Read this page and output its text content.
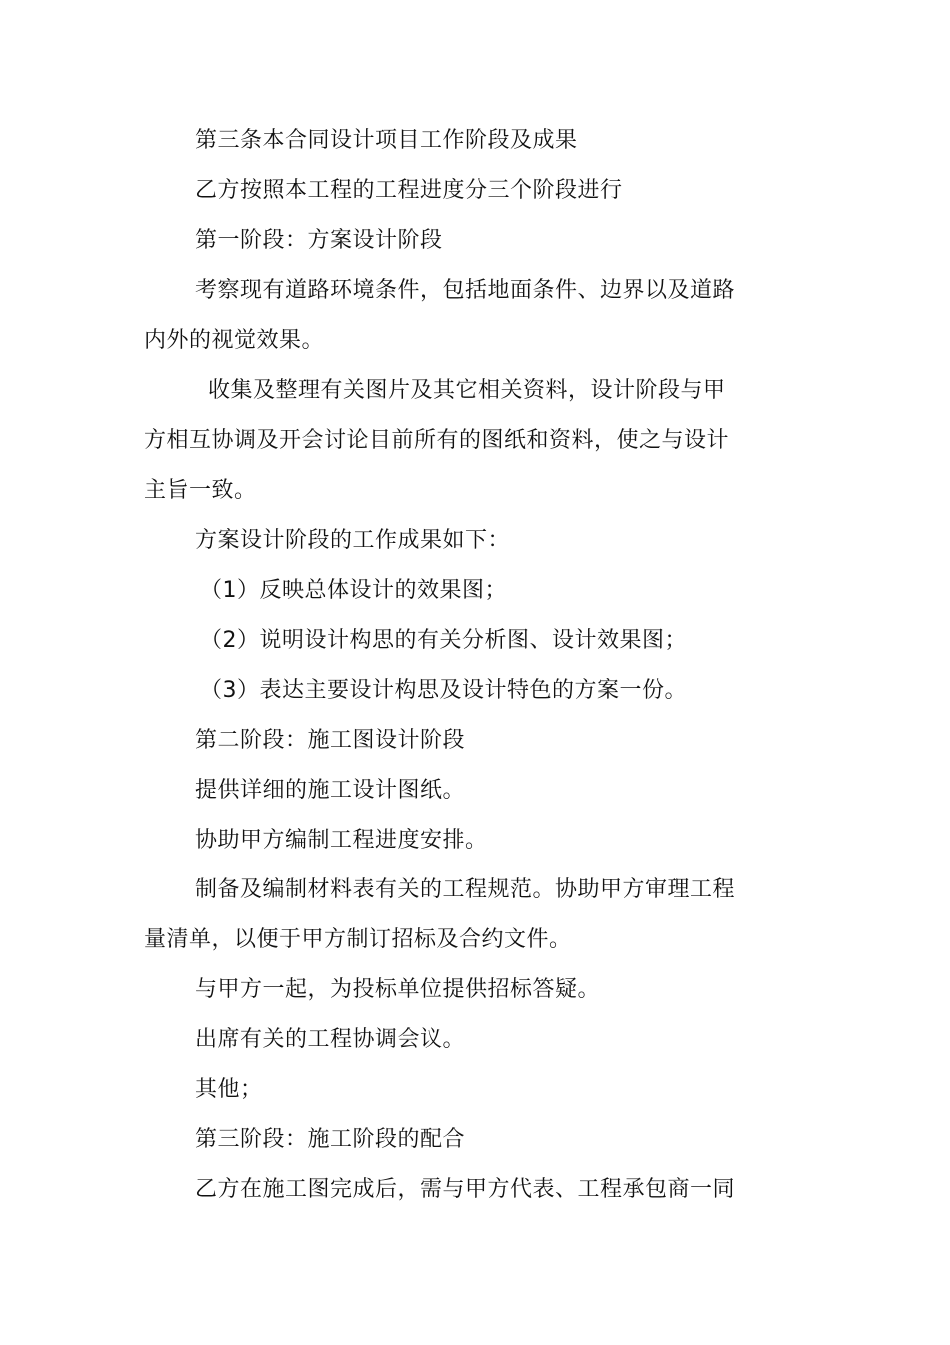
第三条本合同设计项目工作阶段及成果
乙方按照本工程的工程进度分三个阶段进行
第一阶段：方案设计阶段
考察现有道路环境条件，包括地面条件、边界以及道路
内外的视觉效果。
收集及整理有关图片及其它相关资料，设计阶段与甲
方相互协调及开会讨论目前所有的图纸和资料，使之与设计
主旨一致。
方案设计阶段的工作成果如下：
（1）反映总体设计的效果图；
（2）说明设计构思的有关分析图、设计效果图；
（3）表达主要设计构思及设计特色的方案一份。
第二阶段：施工图设计阶段
提供详细的施工设计图纸。
协助甲方编制工程进度安排。
制备及编制材料表有关的工程规范。协助甲方审理工程
量清单，以便于甲方制订招标及合约文件。
与甲方一起，为投标单位提供招标答疑。
出席有关的工程协调会议。
其他；
第三阶段：施工阶段的配合
乙方在施工图完成后，需与甲方代表、工程承包商一同
